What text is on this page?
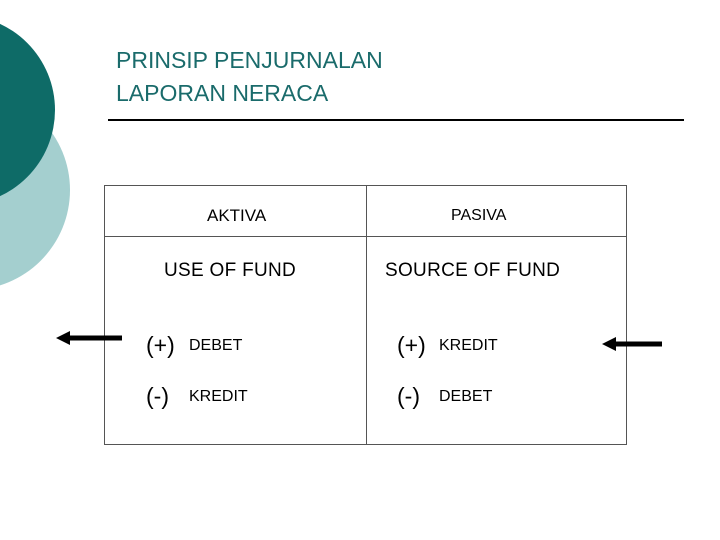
PRINSIP PENJURNALAN
LAPORAN NERACA
AKTIVA
USE OF FUND
(+) DEBET
(-) KREDIT
PASIVA
SOURCE OF FUND
(+) KREDIT
(-) DEBET
